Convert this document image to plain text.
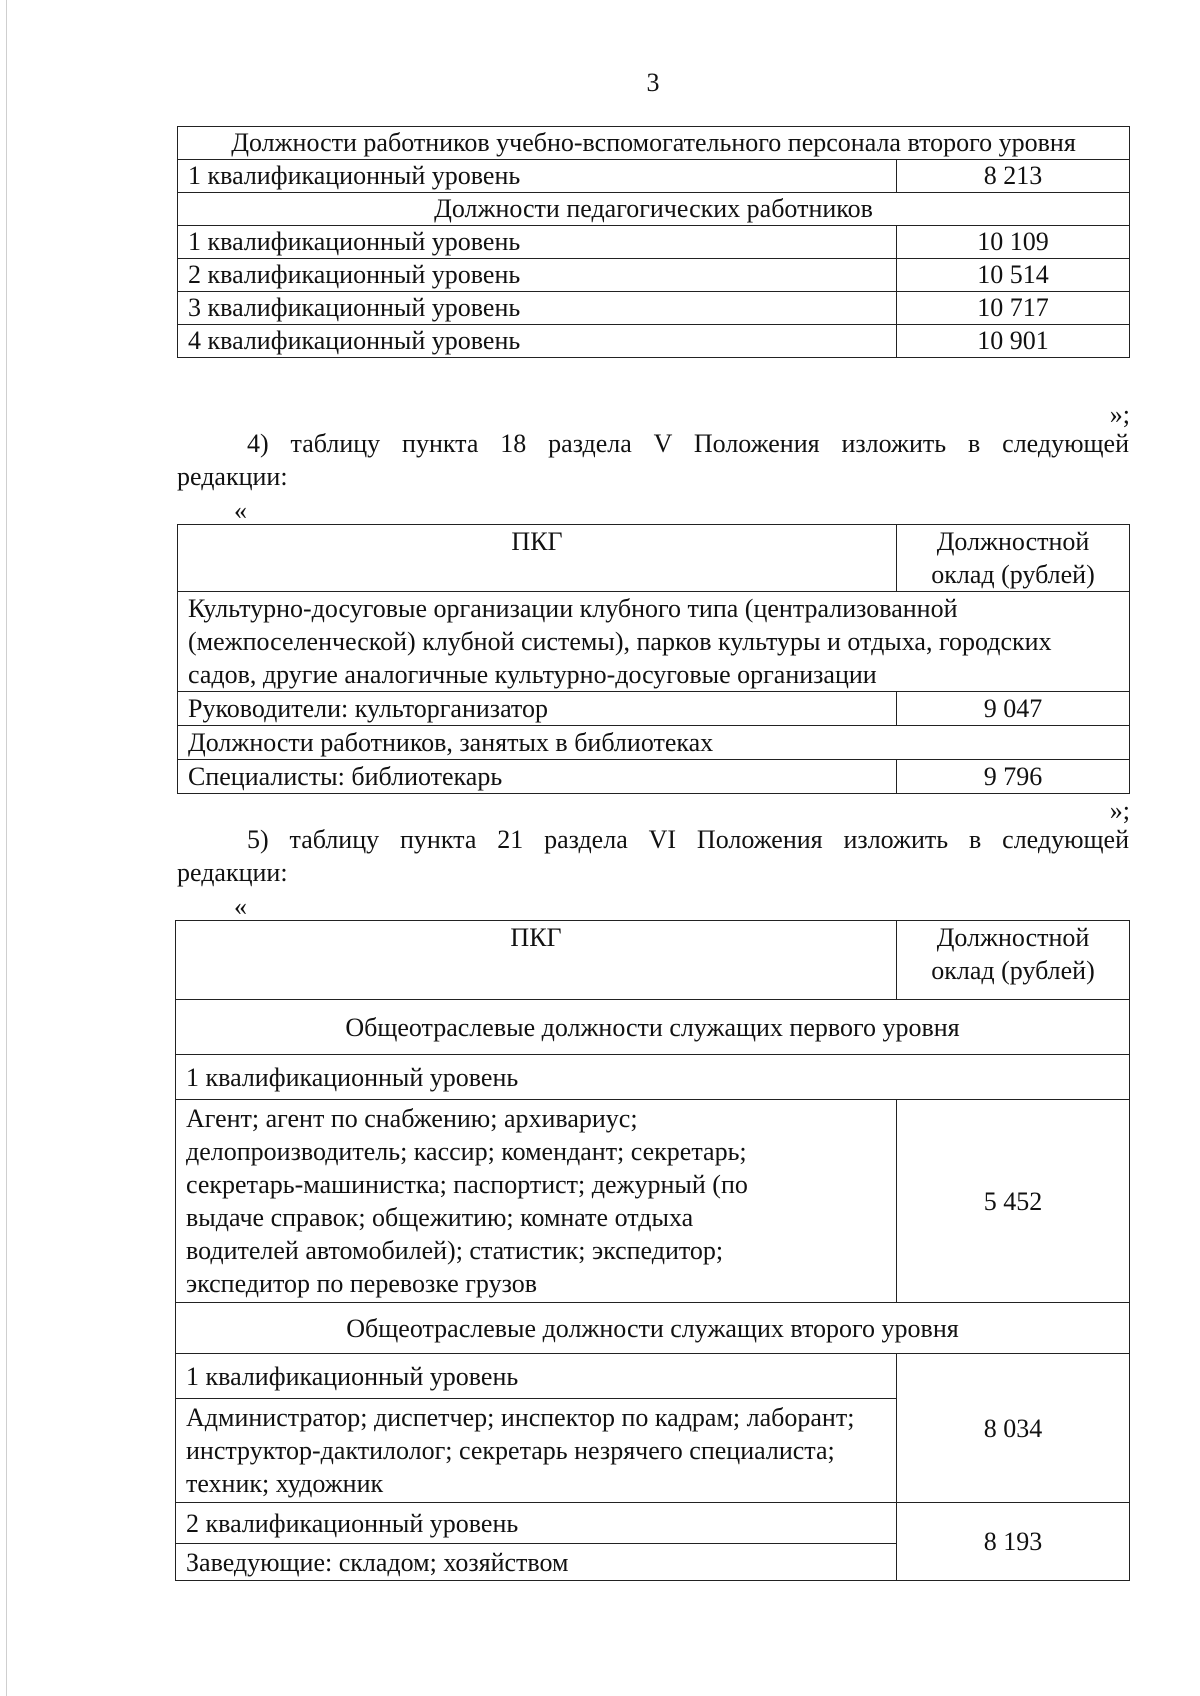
3
Должности работников учебно-вспомогательного персонала второго уровня	
1 квалификационный уровень	8 213
Должности педагогических работников	
1 квалификационный уровень	10 109
2 квалификационный уровень	10 514
3 квалификационный уровень	10 717
4 квалификационный уровень	10 901
»;
4) таблицу пункта 18 раздела V Положения изложить в следующей
редакции:
«
ПКГ	Должностной оклад (рублей)
Культурно-досуговые организации клубного типа (централизованной (межпоселенческой) клубной системы), парков культуры и отдыха, городских садов, другие аналогичные культурно-досуговые организации	
Руководители: культорганизатор	9 047
Должности работников, занятых в библиотеках	
Специалисты: библиотекарь	9 796
»;
5) таблицу пункта 21 раздела VI Положения изложить в следующей
редакции:
«
ПКГ	Должностной оклад (рублей)
Общеотраслевые должности служащих первого уровня	
1 квалификационный уровень	
Агент; агент по снабжению; архивариус; делопроизводитель; кассир; комендант; секретарь; секретарь-машинистка; паспортист; дежурный (по выдаче справок; общежитию; комнате отдыха водителей автомобилей); статистик; экспедитор; экспедитор по перевозке грузов	5 452
Общеотраслевые должности служащих второго уровня	
1 квалификационный уровень	8 034
Администратор; диспетчер; инспектор по кадрам; лаборант; инструктор-дактилолог; секретарь незрячего специалиста; техник; художник	
2 квалификационный уровень	8 193
Заведующие: складом; хозяйством	
